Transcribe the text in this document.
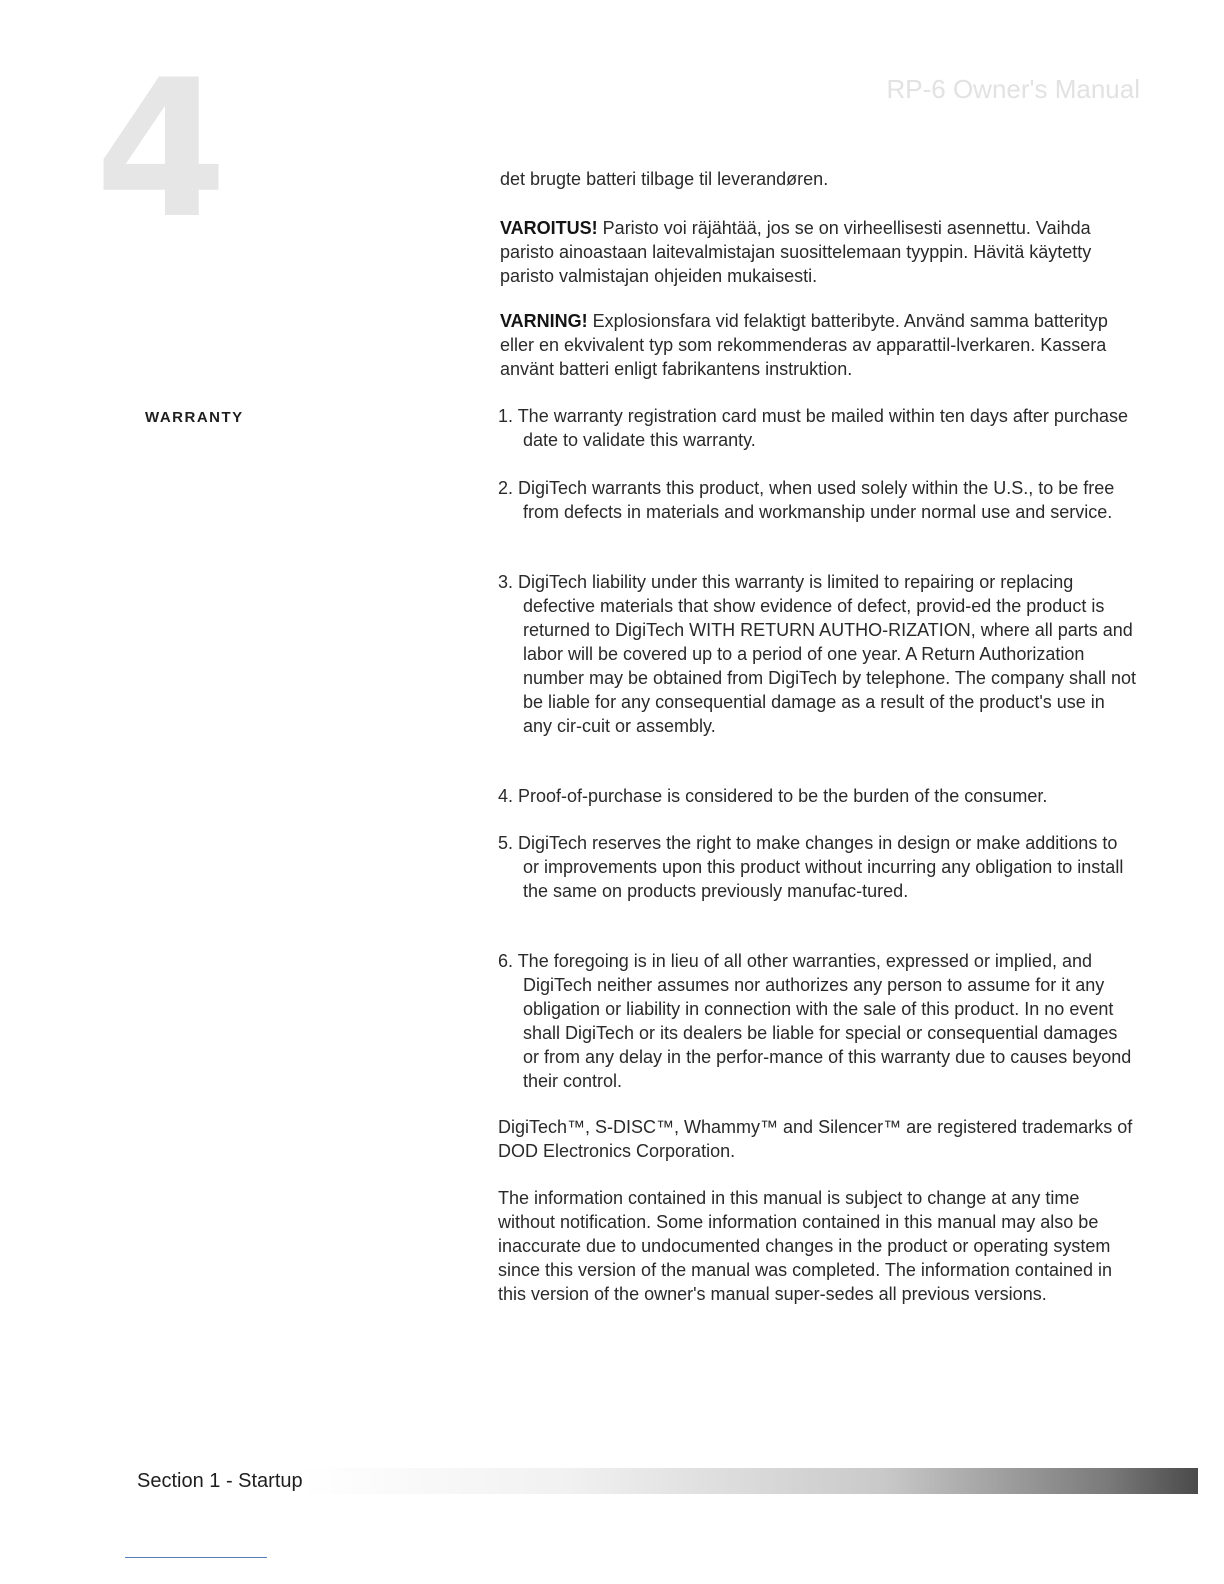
4	RP-6 Owner's Manual
det brugte batteri tilbage til leverandøren.
VAROITUS! Paristo voi räjähtää, jos se on virheellisesti asennettu. Vaihda paristo ainoastaan laitevalmistajan suosittelemaan tyyppin. Hävitä käytetty paristo valmistajan ohjeiden mukaisesti.
VARNING! Explosionsfara vid felaktigt batteribyte. Använd samma batterityp eller en ekvivalent typ som rekommenderas av apparattil-lverkaren. Kassera använt batteri enligt fabrikantens instruktion.
WARRANTY	1. The warranty registration card must be mailed within ten days after purchase date to validate this warranty.
2. DigiTech warrants this product, when used solely within the U.S., to be free from defects in materials and workmanship under normal use and service.
3. DigiTech liability under this warranty is limited to repairing or replacing defective materials that show evidence of defect, provid-ed the product is returned to DigiTech WITH RETURN AUTHO-RIZATION, where all parts and labor will be covered up to a period of one year. A Return Authorization number may be obtained from DigiTech by telephone. The company shall not be liable for any consequential damage as a result of the product's use in any cir-cuit or assembly.
4. Proof-of-purchase is considered to be the burden of the consumer.
5. DigiTech reserves the right to make changes in design or make additions to or improvements upon this product without incurring any obligation to install the same on products previously manufac-tured.
6. The foregoing is in lieu of all other warranties, expressed or implied, and DigiTech neither assumes nor authorizes any person to assume for it any obligation or liability in connection with the sale of this product. In no event shall DigiTech or its dealers be liable for special or consequential damages or from any delay in the perfor-mance of this warranty due to causes beyond their control.
DigiTech™, S-DISC™, Whammy™ and Silencer™ are registered trademarks of DOD Electronics Corporation.
The information contained in this manual is subject to change at any time without notification. Some information contained in this manual may also be inaccurate due to undocumented changes in the product or operating system since this version of the manual was completed. The information contained in this version of the owner's manual super-sedes all previous versions.
Section 1 - Startup
